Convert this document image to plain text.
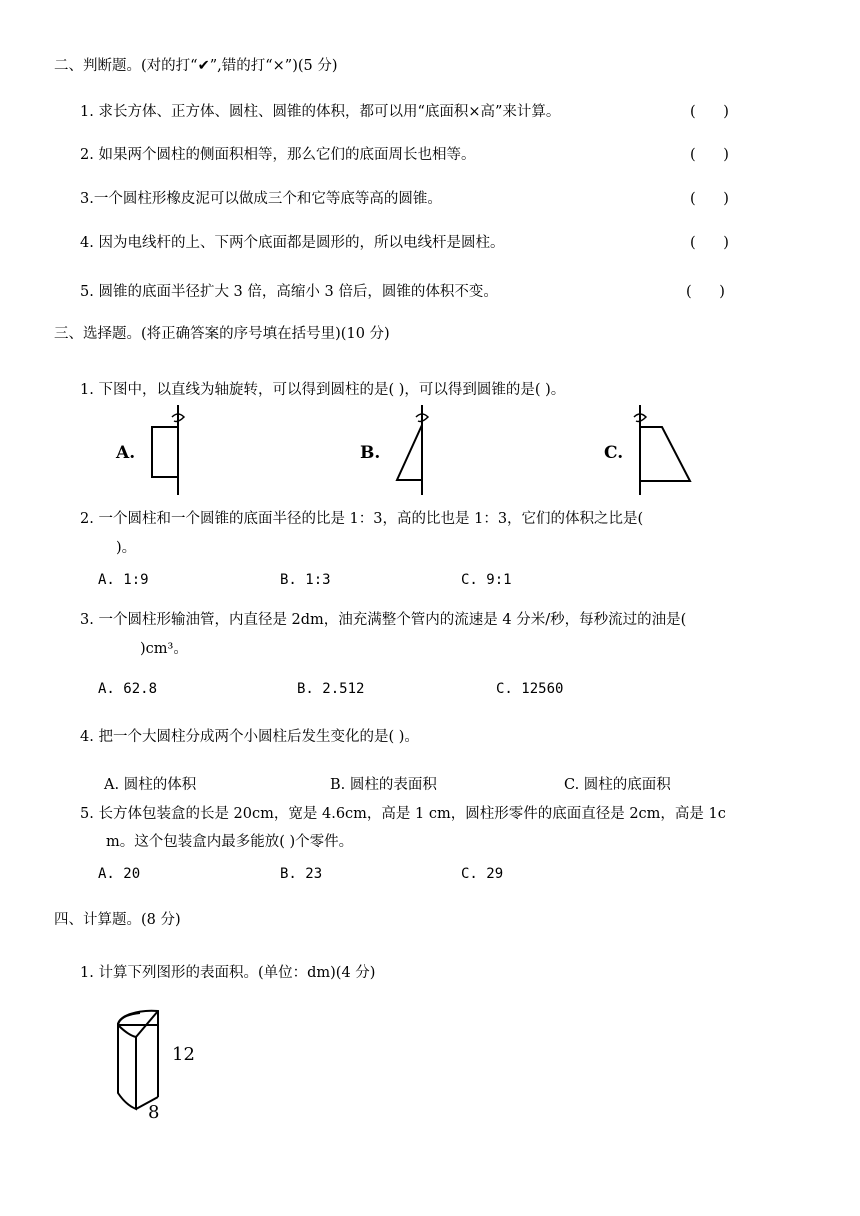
二、判断题。(对的打“✔”,错的打“×”)(5 分)
1. 求长方体、正方体、圆柱、圆锥的体积，都可以用“底面积×高”来计算。	(      )
2. 如果两个圆柱的侧面积相等，那么它们的底面周长也相等。	(      )
3.一个圆柱形橡皮泥可以做成三个和它等底等高的圆锥。	(      )
4. 因为电线杆的上、下两个底面都是圆形的，所以电线杆是圆柱。	(      )
5. 圆锥的底面半径扩大 3 倍，高缩小 3 倍后，圆锥的体积不变。	(      )
三、选择题。(将正确答案的序号填在括号里)(10 分)
1. 下图中，以直线为轴旋转，可以得到圆柱的是( )，可以得到圆锥的是( )。
A.	B.	C.
2. 一个圆柱和一个圆锥的底面半径的比是 1：3，高的比也是 1：3，它们的体积之比是(
)。
A. 1:9	B. 1:3	C. 9:1
3. 一个圆柱形输油管，内直径是 2dm，油充满整个管内的流速是 4 分米/秒，每秒流过的油是(
)cm³。
A. 62.8	B. 2.512	C. 12560
4. 把一个大圆柱分成两个小圆柱后发生变化的是( )。
A. 圆柱的体积	B. 圆柱的表面积	C. 圆柱的底面积
5. 长方体包装盒的长是 20cm，宽是 4.6cm，高是 1 cm，圆柱形零件的底面直径是 2cm，高是 1c
m。这个包装盒内最多能放( )个零件。
A. 20	B. 23	C. 29
四、计算题。(8 分)
1. 计算下列图形的表面积。(单位：dm)(4 分)
12
8
